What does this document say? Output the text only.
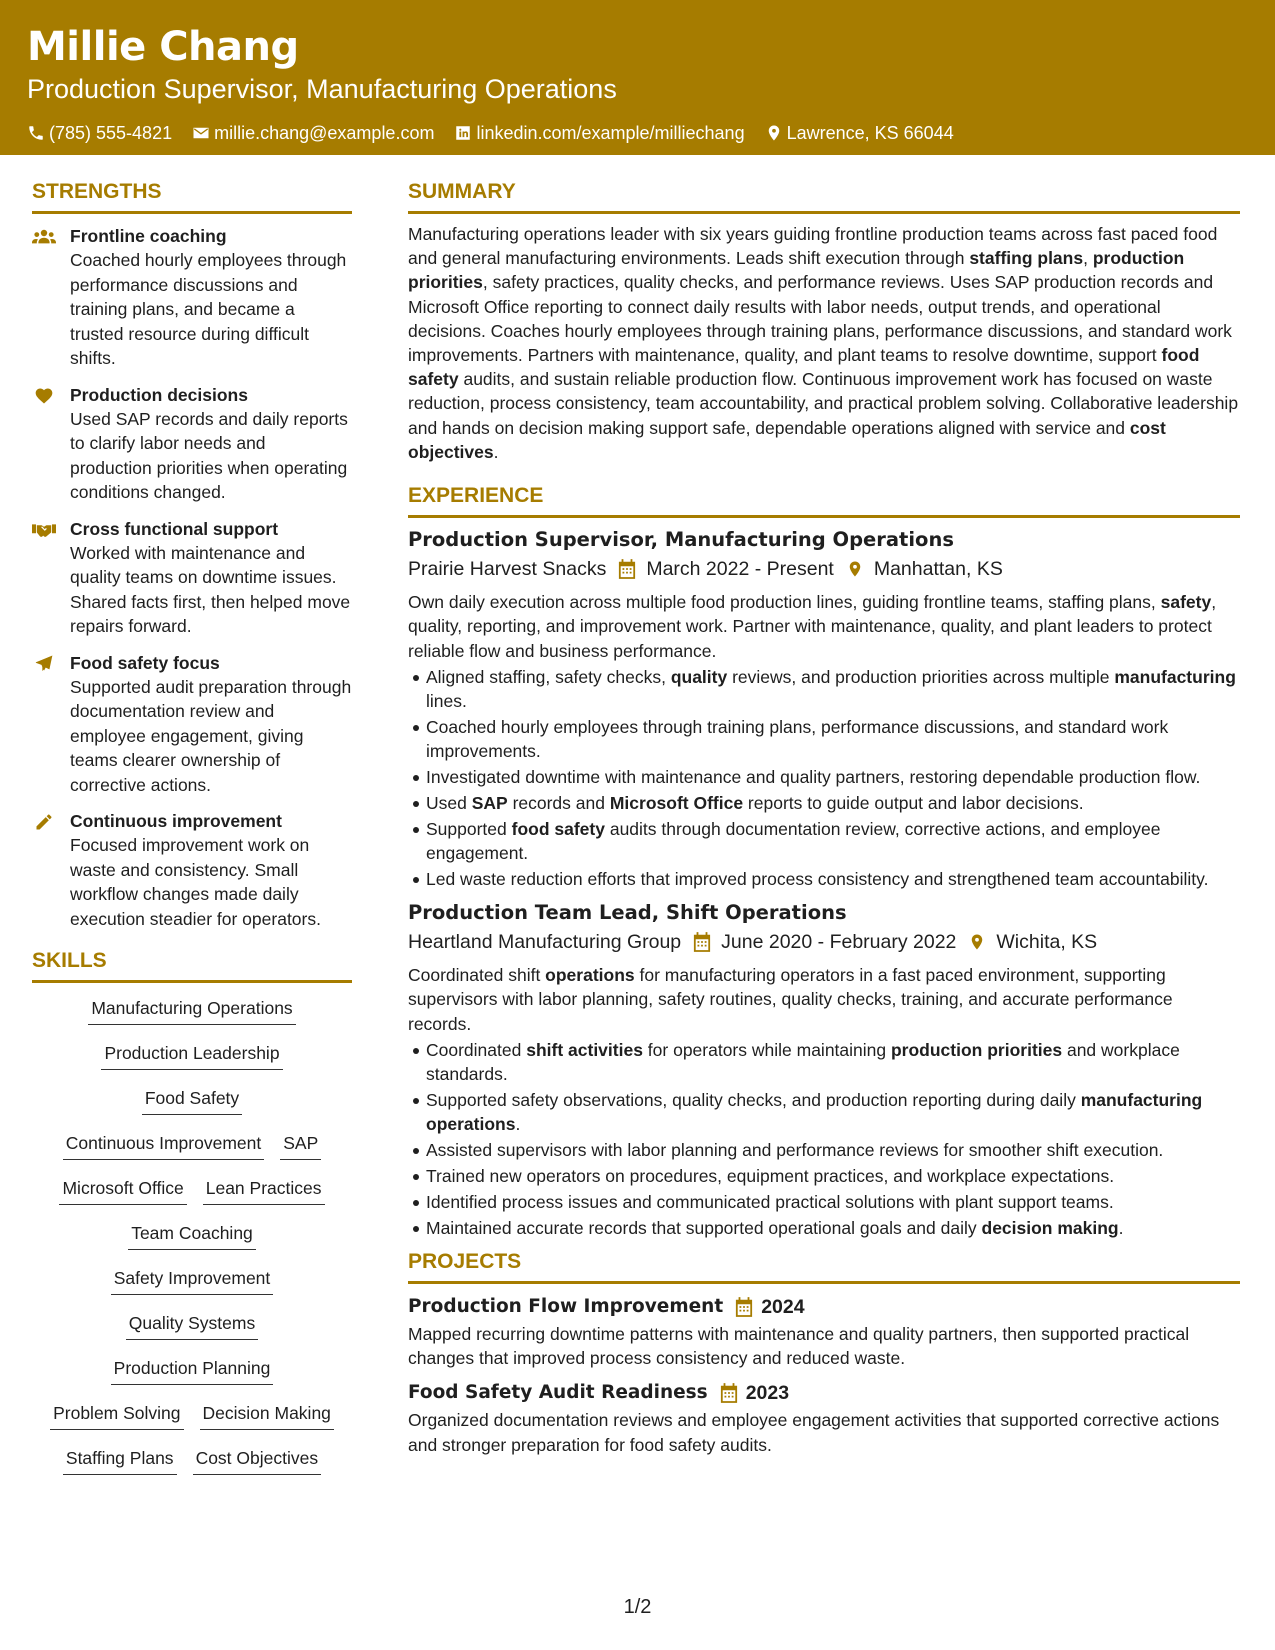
Millie Chang
Production Supervisor, Manufacturing Operations
(785) 555-4821 millie.chang@example.com linkedin.com/example/milliechang Lawrence, KS 66044
STRENGTHS
Frontline coaching
Coached hourly employees through performance discussions and training plans, and became a trusted resource during difficult shifts.
Production decisions
Used SAP records and daily reports to clarify labor needs and production priorities when operating conditions changed.
Cross functional support
Worked with maintenance and quality teams on downtime issues. Shared facts first, then helped move repairs forward.
Food safety focus
Supported audit preparation through documentation review and employee engagement, giving teams clearer ownership of corrective actions.
Continuous improvement
Focused improvement work on waste and consistency. Small workflow changes made daily execution steadier for operators.
SKILLS
Manufacturing Operations
Production Leadership
Food Safety
Continuous Improvement SAP
Microsoft Office Lean Practices
Team Coaching
Safety Improvement
Quality Systems
Production Planning
Problem Solving Decision Making
Staffing Plans Cost Objectives
SUMMARY
Manufacturing operations leader with six years guiding frontline production teams across fast paced food and general manufacturing environments. Leads shift execution through staffing plans, production priorities, safety practices, quality checks, and performance reviews. Uses SAP production records and Microsoft Office reporting to connect daily results with labor needs, output trends, and operational decisions. Coaches hourly employees through training plans, performance discussions, and standard work improvements. Partners with maintenance, quality, and plant teams to resolve downtime, support food safety audits, and sustain reliable production flow. Continuous improvement work has focused on waste reduction, process consistency, team accountability, and practical problem solving. Collaborative leadership and hands on decision making support safe, dependable operations aligned with service and cost objectives.
EXPERIENCE
Production Supervisor, Manufacturing Operations
Prairie Harvest Snacks March 2022 - Present Manhattan, KS
Own daily execution across multiple food production lines, guiding frontline teams, staffing plans, safety, quality, reporting, and improvement work. Partner with maintenance, quality, and plant leaders to protect reliable flow and business performance.
Aligned staffing, safety checks, quality reviews, and production priorities across multiple manufacturing lines.
Coached hourly employees through training plans, performance discussions, and standard work improvements.
Investigated downtime with maintenance and quality partners, restoring dependable production flow.
Used SAP records and Microsoft Office reports to guide output and labor decisions.
Supported food safety audits through documentation review, corrective actions, and employee engagement.
Led waste reduction efforts that improved process consistency and strengthened team accountability.
Production Team Lead, Shift Operations
Heartland Manufacturing Group June 2020 - February 2022 Wichita, KS
Coordinated shift operations for manufacturing operators in a fast paced environment, supporting supervisors with labor planning, safety routines, quality checks, training, and accurate performance records.
Coordinated shift activities for operators while maintaining production priorities and workplace standards.
Supported safety observations, quality checks, and production reporting during daily manufacturing operations.
Assisted supervisors with labor planning and performance reviews for smoother shift execution.
Trained new operators on procedures, equipment practices, and workplace expectations.
Identified process issues and communicated practical solutions with plant support teams.
Maintained accurate records that supported operational goals and daily decision making.
PROJECTS
Production Flow Improvement 2024
Mapped recurring downtime patterns with maintenance and quality partners, then supported practical changes that improved process consistency and reduced waste.
Food Safety Audit Readiness 2023
Organized documentation reviews and employee engagement activities that supported corrective actions and stronger preparation for food safety audits.
1/2
